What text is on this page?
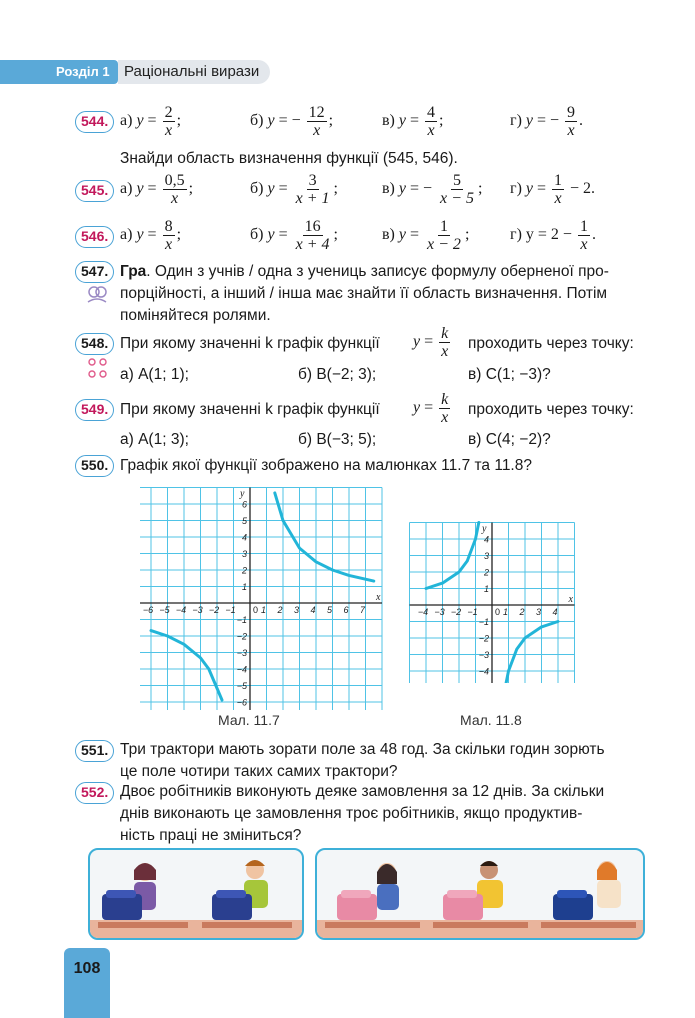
Розділ 1 Раціональні вирази
544. а) $y = \frac{2}{x}$ ;	б) y = − $\frac{12}{x}$ ;	в) $y = \frac{4}{x}$ ;	г) y = − $\frac{9}{x}$ .
Знайди область визначення функції (545, 546).
545. а) $y = \frac{0,5}{x}$ ;	б) $y = \frac{3}{x + 1}$ ;	в) y = − $\frac{5}{x - 5}$ ; г) $y = \frac{1}{x} - 2$.
546. а) $y = \frac{8}{x}$ ;	б) $y = \frac{16}{x + 4}$ ;	в) $y = \frac{1}{x - 2}$ ;	г) $y = 2 - \frac{1}{x}$ .
547. Гра. Один з учнів / одна з учениць записує формулу оберненої про-
порційності, а інший / інша має знайти її область визначення. Потім
поміняйтеся ролями.
548. При якому значенні k графік функції $y = \frac{k}{x}$ проходить через точку:
а) A(1; 1);	б) B(−2; 3);	в) C(1; −3)?
549. При якому значенні k графік функції $y = \frac{k}{x}$ проходить через точку:
а) A(1; 3);	б) B(−3; 5);	в) C(4; −2)?
550. Графік якої функції зображено на малюнках 11.7 та 11.8?
−6 −5 −4 −3 −2 −1	1 2 3 4 5 6 7
−6
−5
−4
−3
−2
−1
1
2
3
4
5
6
0
x
y
Мал. 11.7
−4 −3 −2 −1	1 2 3 4
−4
−3
−2
−1
1
2
3
4
0
x
y
Мал. 11.8
551. Три трактори мають зорати поле за 48 год. За скільки годин зорють
це поле чотири таких самих трактори?
552. Двоє робітників виконують деяке замовлення за 12 днів. За скільки
днів виконають це замовлення троє робітників, якщо продуктив-
ність праці не зміниться?
108
